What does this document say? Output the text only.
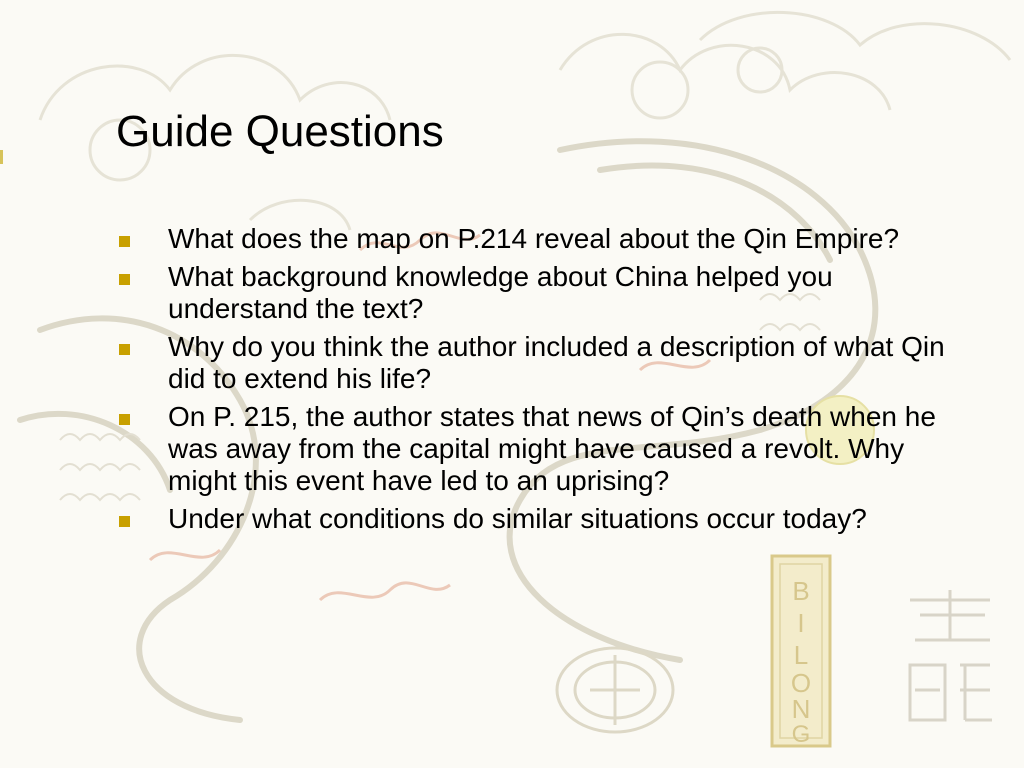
B
I
L
O
N
G
Guide Questions
What does the map on P.214 reveal about the Qin Empire?
What background knowledge about China helped you understand the text?
Why do you think the author included a description of what Qin did to extend his life?
On P. 215, the author states that news of Qin’s death when he was away from the capital might have caused a revolt. Why might this event have led to an uprising?
Under what conditions do similar situations occur today?
